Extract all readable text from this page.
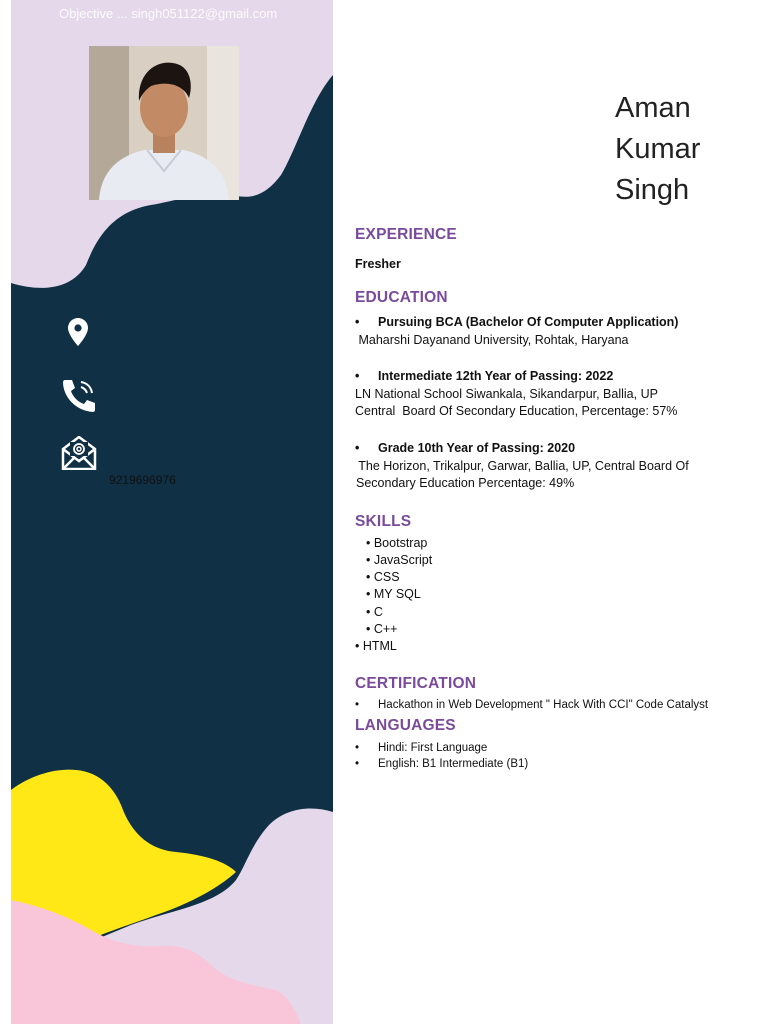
Objective ... singh051122@gmail.com
9219696976
Aman
Kumar
Singh
EXPERIENCE
Fresher
EDUCATION
• Pursuing BCA (Bachelor Of Computer Application)
Maharshi Dayanand University, Rohtak, Haryana
• Intermediate 12th Year of Passing: 2022
LN National School Siwankala, Sikandarpur, Ballia, UP
Central  Board Of Secondary Education, Percentage: 57%
• Grade 10th Year of Passing: 2020
The Horizon, Trikalpur, Garwar, Ballia, UP, Central Board Of
Secondary Education Percentage: 49%
SKILLS
• Bootstrap
• JavaScript
• CSS
• MY SQL
• C
• C++
• HTML
CERTIFICATION
• Hackathon in Web Development " Hack With CCI" Code Catalyst
LANGUAGES
• Hindi: First Language
• English: B1 Intermediate (B1)
